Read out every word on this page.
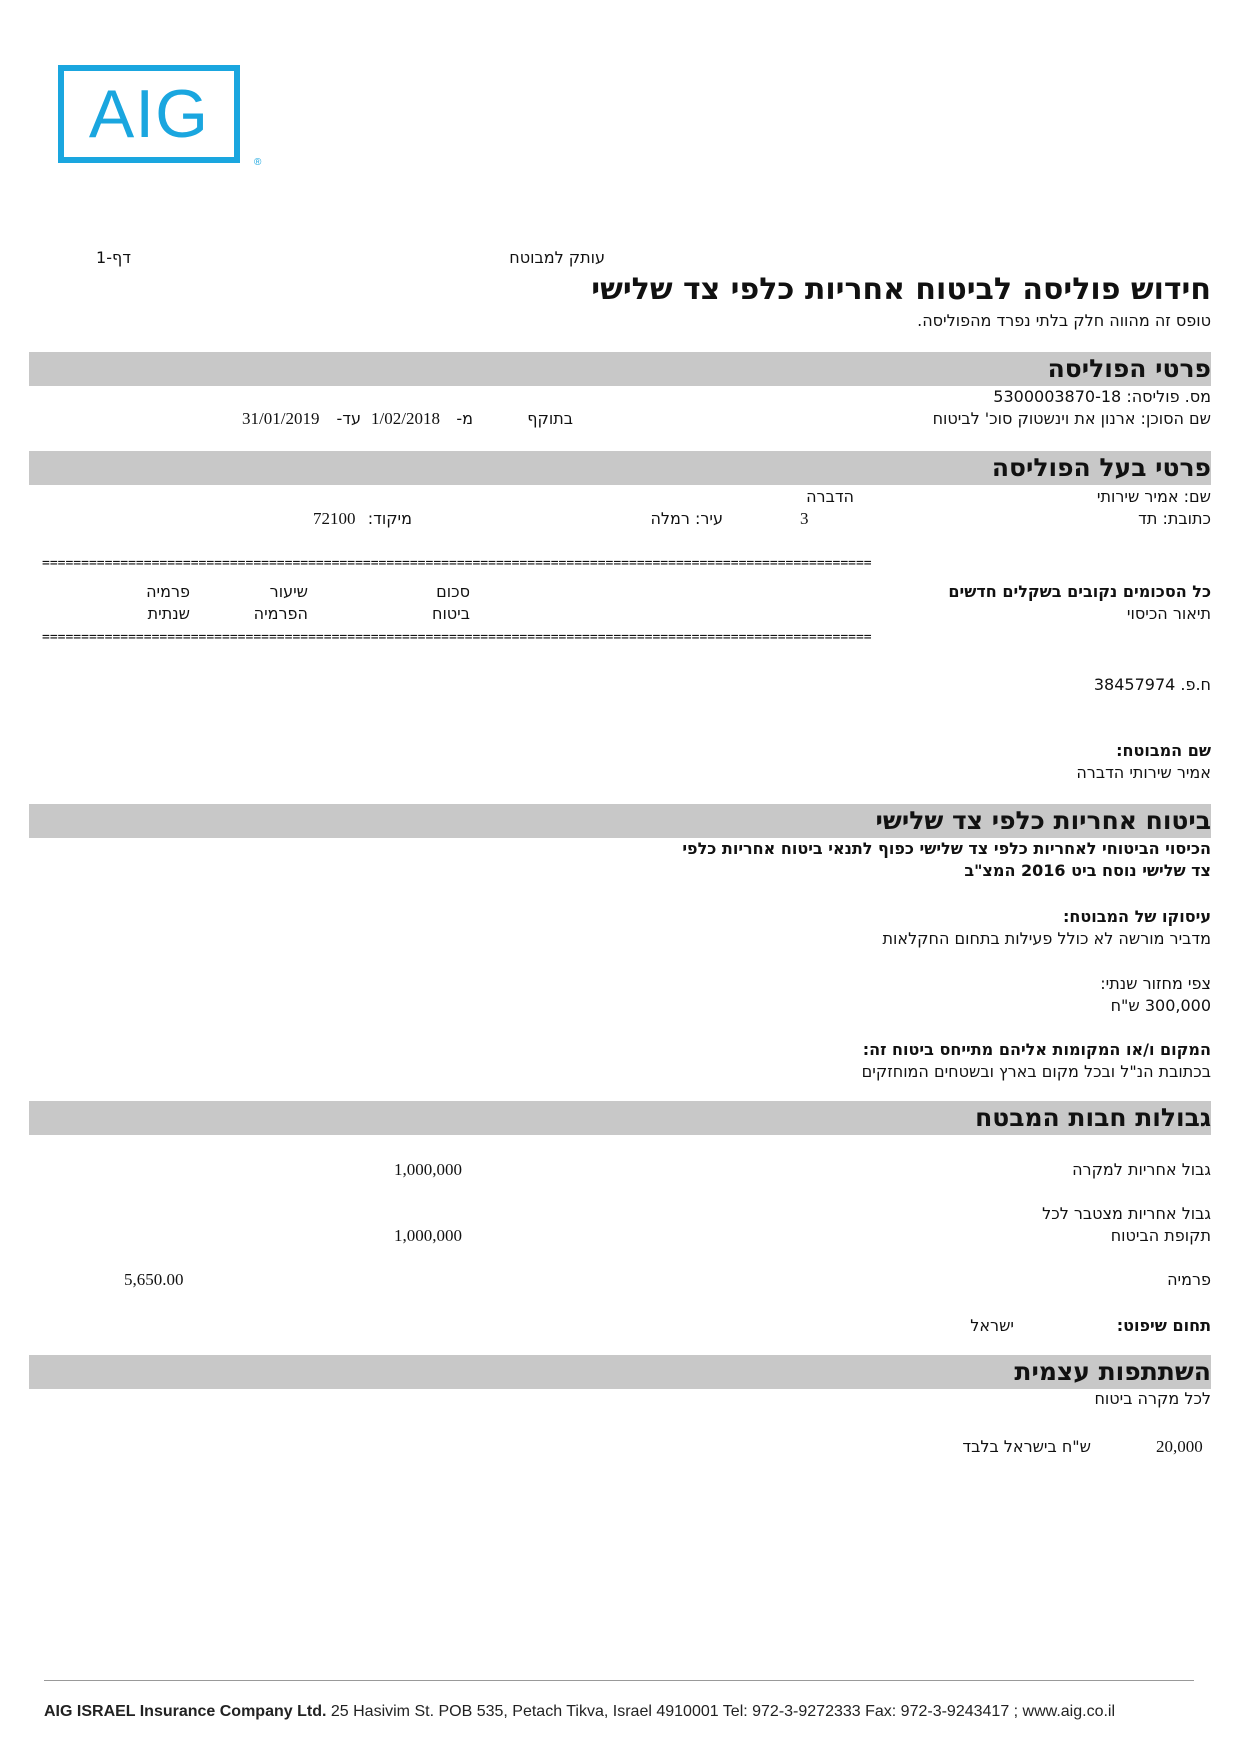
AIG
®
דף-1	עותק למבוטח
חידוש פוליסה לביטוח אחריות כלפי צד שלישי
טופס זה מהווה חלק בלתי נפרד מהפוליסה.
פרטי הפוליסה
מס. פוליסה: 5300003870-18
שם הסוכן: ארנון את וינשטוק סוכ' לביטוח
בתוקף
מ-
1/02/2018
עד-
31/01/2019
פרטי בעל הפוליסה
שם: אמיר שירותי
הדברה
כתובת: תד
3
עיר: רמלה
מיקוד:
72100
==========================================================================================================
כל הסכומים נקובים בשקלים חדשים
תיאור הכיסוי
סכום
ביטוח
שיעור
הפרמיה
פרמיה
שנתית
==========================================================================================================
ח.פ. 38457974
שם המבוטח:
אמיר שירותי הדברה
ביטוח אחריות כלפי צד שלישי
הכיסוי הביטוחי לאחריות כלפי צד שלישי כפוף לתנאי ביטוח אחריות כלפי
צד שלישי נוסח ביט 2016 המצ"ב
עיסוקו של המבוטח:
מדביר מורשה לא כולל פעילות בתחום החקלאות
צפי מחזור שנתי:
300,000 ש"ח
המקום ו/או המקומות אליהם מתייחס ביטוח זה:
בכתובת הנ"ל ובכל מקום בארץ ובשטחים המוחזקים
גבולות חבות המבטח
גבול אחריות למקרה
1,000,000
גבול אחריות מצטבר לכל
תקופת הביטוח
1,000,000
פרמיה
5,650.00
תחום שיפוט:
ישראל
השתתפות עצמית
לכל מקרה ביטוח
20,000
ש"ח בישראל בלבד
AIG ISRAEL Insurance Company Ltd. 25 Hasivim St. POB 535, Petach Tikva, Israel 4910001 Tel: 972-3-9272333 Fax: 972-3-9243417 ; www.aig.co.il
